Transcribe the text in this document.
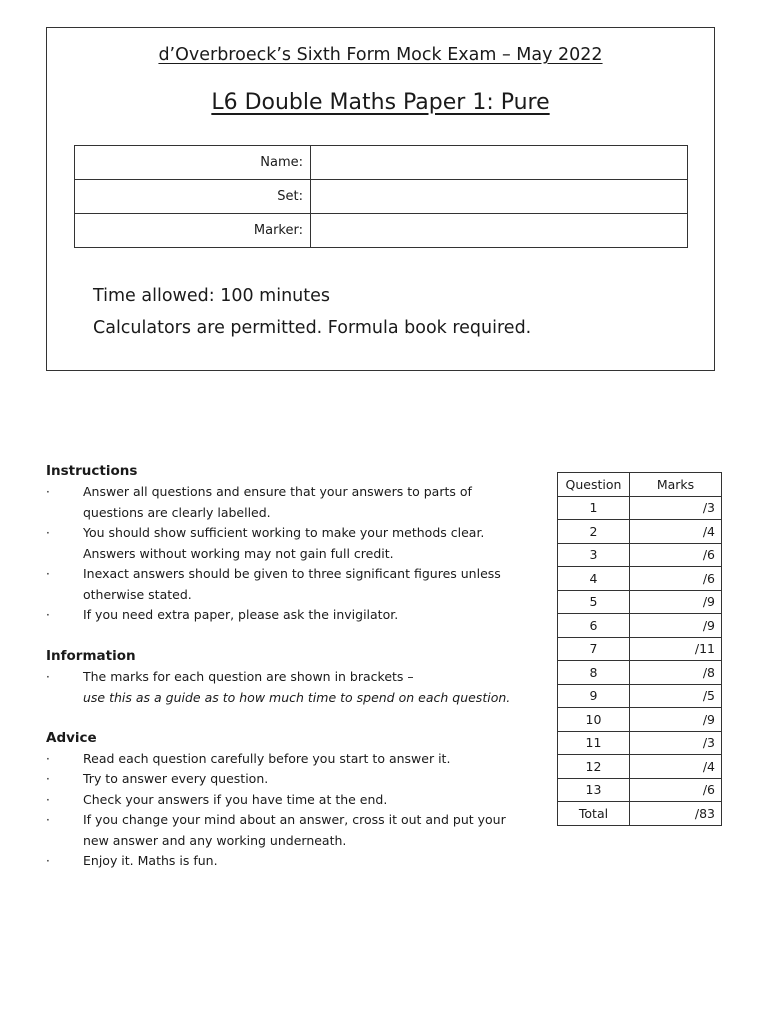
d’Overbroeck’s Sixth Form Mock Exam – May 2022
L6 Double Maths Paper 1: Pure
Name:	
Set:	
Marker:	
Time allowed: 100 minutes
Calculators are permitted. Formula book required.
Instructions
·	Answer all questions and ensure that your answers to parts of questions are clearly labelled.
·	You should show sufficient working to make your methods clear. Answers without working may not gain full credit.
·	Inexact answers should be given to three significant figures unless otherwise stated.
·	If you need extra paper, please ask the invigilator.
Information
·	The marks for each question are shown in brackets –
use this as a guide as to how much time to spend on each question.
Advice
·	Read each question carefully before you start to answer it.
·	Try to answer every question.
·	Check your answers if you have time at the end.
·	If you change your mind about an answer, cross it out and put your new answer and any working underneath.
·	Enjoy it. Maths is fun.
Question	Marks
1	/3
2	/4
3	/6
4	/6
5	/9
6	/9
7	/11
8	/8
9	/5
10	/9
11	/3
12	/4
13	/6
Total	/83
